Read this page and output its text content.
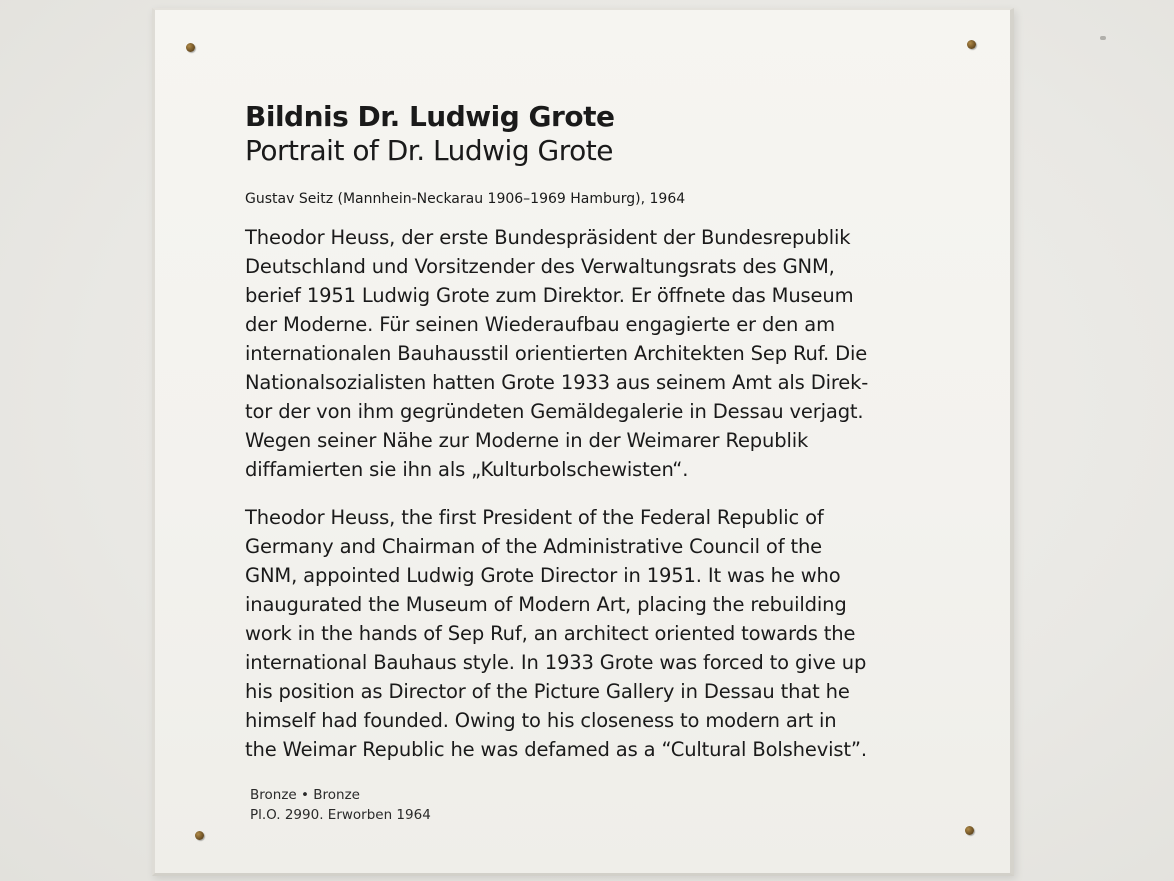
Bildnis Dr. Ludwig Grote
Portrait of Dr. Ludwig Grote

Gustav Seitz (Mannhein-Neckarau 1906–1969 Hamburg), 1964

Theodor Heuss, der erste Bundespräsident der Bundesrepublik
Deutschland und Vorsitzender des Verwaltungsrats des GNM,
berief 1951 Ludwig Grote zum Direktor. Er öffnete das Museum
der Moderne. Für seinen Wiederaufbau engagierte er den am
internationalen Bauhausstil orientierten Architekten Sep Ruf. Die
Nationalsozialisten hatten Grote 1933 aus seinem Amt als Direk-
tor der von ihm gegründeten Gemäldegalerie in Dessau verjagt.
Wegen seiner Nähe zur Moderne in der Weimarer Republik
diffamierten sie ihn als „Kulturbolschewisten“.

Theodor Heuss, the first President of the Federal Republic of
Germany and Chairman of the Administrative Council of the
GNM, appointed Ludwig Grote Director in 1951. It was he who
inaugurated the Museum of Modern Art, placing the rebuilding
work in the hands of Sep Ruf, an architect oriented towards the
international Bauhaus style. In 1933 Grote was forced to give up
his position as Director of the Picture Gallery in Dessau that he
himself had founded. Owing to his closeness to modern art in
the Weimar Republic he was defamed as a “Cultural Bolshevist”.

Bronze • Bronze
Pl.O. 2990. Erworben 1964
